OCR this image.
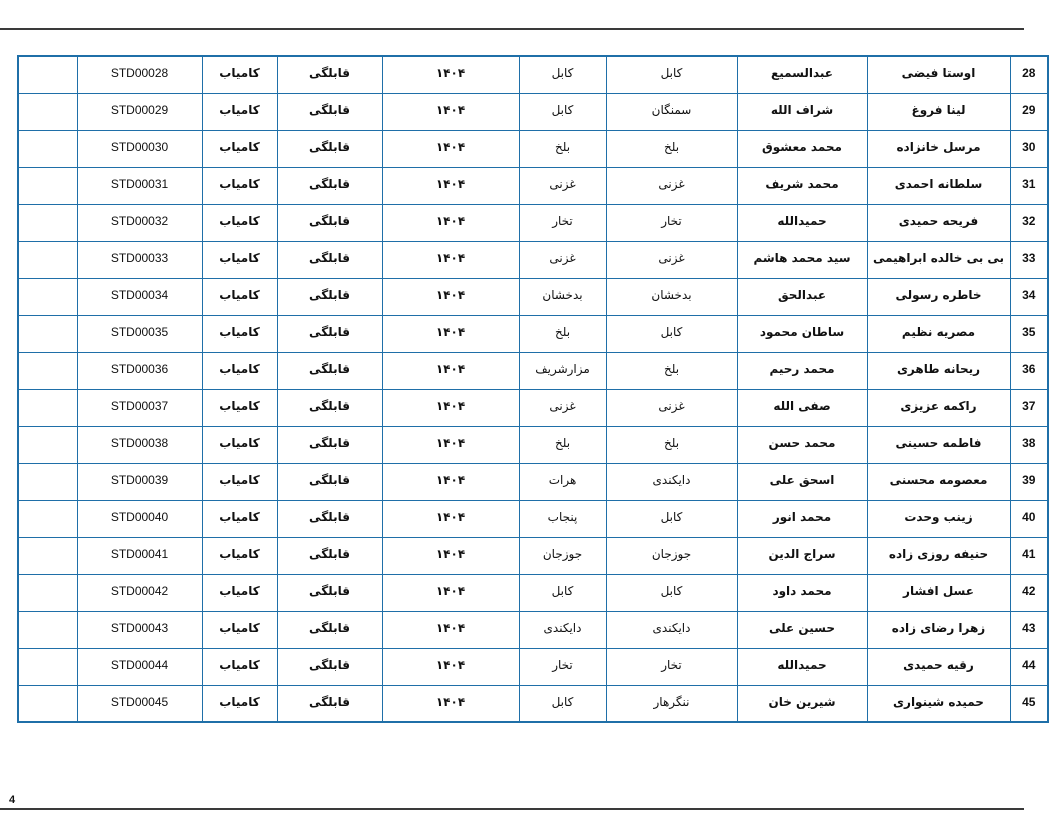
	STD00028	کامیاب	قابلگی	۱۴۰۴	کابل	کابل	عبدالسمیع	اوستا فیضی	28
	STD00029	کامیاب	قابلگی	۱۴۰۴	کابل	سمنگان	شراف الله	لینا فروغ	29
	STD00030	کامیاب	قابلگی	۱۴۰۴	بلخ	بلخ	محمد معشوق	مرسل خانزاده	30
	STD00031	کامیاب	قابلگی	۱۴۰۴	غزنی	غزنی	محمد شریف	سلطانه احمدی	31
	STD00032	کامیاب	قابلگی	۱۴۰۴	تخار	تخار	حمیدالله	فریحه حمیدی	32
	STD00033	کامیاب	قابلگی	۱۴۰۴	غزنی	غزنی	سید محمد هاشم	بی بی خالده ابراهیمی	33
	STD00034	کامیاب	قابلگی	۱۴۰۴	بدخشان	بدخشان	عبدالحق	خاطره رسولی	34
	STD00035	کامیاب	قابلگی	۱۴۰۴	بلخ	کابل	ساطان محمود	مصریه نظیم	35
	STD00036	کامیاب	قابلگی	۱۴۰۴	مزارشریف	بلخ	محمد رحیم	ریحانه طاهری	36
	STD00037	کامیاب	قابلگی	۱۴۰۴	غزنی	غزنی	صفی الله	راکمه عزیزی	37
	STD00038	کامیاب	قابلگی	۱۴۰۴	بلخ	بلخ	محمد حسن	فاطمه حسینی	38
	STD00039	کامیاب	قابلگی	۱۴۰۴	هرات	دایکندی	اسحق علی	معصومه محسنی	39
	STD00040	کامیاب	قابلگی	۱۴۰۴	پنجاب	کابل	محمد انور	زینب وحدت	40
	STD00041	کامیاب	قابلگی	۱۴۰۴	جوزجان	جوزجان	سراج الدین	حنیفه روزی زاده	41
	STD00042	کامیاب	قابلگی	۱۴۰۴	کابل	کابل	محمد داود	عسل افشار	42
	STD00043	کامیاب	قابلگی	۱۴۰۴	دایکندی	دایکندی	حسین علی	زهرا رضای زاده	43
	STD00044	کامیاب	قابلگی	۱۴۰۴	تخار	تخار	حمیدالله	رقیه حمیدی	44
	STD00045	کامیاب	قابلگی	۱۴۰۴	کابل	ننگرهار	شیرین خان	حمیده شینواری	45
4
